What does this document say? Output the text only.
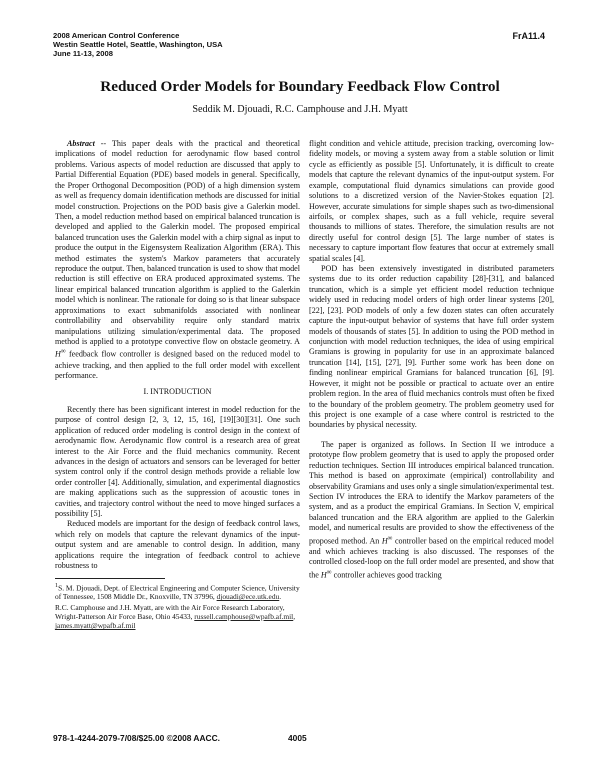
2008 American Control Conference
Westin Seattle Hotel, Seattle, Washington, USA
June 11-13, 2008
FrA11.4
Reduced Order Models for Boundary Feedback Flow Control
Seddik M. Djouadi, R.C. Camphouse and J.H. Myatt

Abstract -- This paper deals with the practical and theoretical implications of model reduction for aerodynamic flow based control problems. Various aspects of model reduction are discussed that apply to Partial Differential Equation (PDE) based models in general. Specifically, the Proper Orthogonal Decomposition (POD) of a high dimension system as well as frequency domain identification methods are discussed for initial model construction. Projections on the POD basis give a Galerkin model. Then, a model reduction method based on empirical balanced truncation is developed and applied to the Galerkin model. The proposed empirical balanced truncation uses the Galerkin model with a chirp signal as input to produce the output in the Eigensystem Realization Algorithm (ERA). This method estimates the system's Markov parameters that accurately reproduce the output. Then, balanced truncation is used to show that model reduction is still effective on ERA produced approximated systems. The linear empirical balanced truncation algorithm is applied to the Galerkin model which is nonlinear. The rationale for doing so is that linear subspace approximations to exact submanifolds associated with nonlinear controllability and observability require only standard matrix manipulations utilizing simulation/experimental data. The proposed method is applied to a prototype convective flow on obstacle geometry. A H∞ feedback flow controller is designed based on the reduced model to achieve tracking, and then applied to the full order model with excellent performance.

I. INTRODUCTION

Recently there has been significant interest in model reduction for the purpose of control design [2, 3, 12, 15, 16], [19][30][31]. One such application of reduced order modeling is control design in the context of aerodynamic flow. Aerodynamic flow control is a research area of great interest to the Air Force and the fluid mechanics community. Recent advances in the design of actuators and sensors can be leveraged for better system control only if the control design methods provide a reliable low order controller [4]. Additionally, simulation, and experimental diagnostics are making applications such as the suppression of acoustic tones in cavities, and trajectory control without the need to move hinged surfaces a possibility [5].

Reduced models are important for the design of feedback control laws, which rely on models that capture the relevant dynamics of the input-output system and are amenable to control design. In addition, many applications require the integration of feedback control to achieve robustness to

$^1$S. M. Djouadi, Dept. of Electrical Engineering and Computer Science, University of Tennessee, 1508 Middle Dr., Knoxville, TN 37996, djouadi@ece.utk.edu.

R.C. Camphouse and J.H. Myatt, are with the Air Force Research Laboratory, Wright-Patterson Air Force Base, Ohio 45433, russell.camphouse@wpafb.af.mil, james.myatt@wpafb.af.mil

flight condition and vehicle attitude, precision tracking, overcoming low-fidelity models, or moving a system away from a stable solution or limit cycle as efficiently as possible [5]. Unfortunately, it is difficult to create models that capture the relevant dynamics of the input-output system. For example, computational fluid dynamics simulations can provide good solutions to a discretized version of the Navier-Stokes equation [2]. However, accurate simulations for simple shapes such as two-dimensional airfoils, or complex shapes, such as a full vehicle, require several thousands to millions of states. Therefore, the simulation results are not directly useful for control design [5]. The large number of states is necessary to capture important flow features that occur at extremely small spatial scales [4].

POD has been extensively investigated in distributed parameters systems due to its order reduction capability [28]-[31], and balanced truncation, which is a simple yet efficient model reduction technique widely used in reducing model orders of high order linear systems [20], [22], [23]. POD models of only a few dozen states can often accurately capture the input-output behavior of systems that have full order system models of thousands of states [5]. In addition to using the POD method in conjunction with model reduction techniques, the idea of using empirical Gramians is growing in popularity for use in an approximate balanced truncation [14], [15], [27], [9]. Further some work has been done on finding nonlinear empirical Gramians for balanced truncation [6], [9]. However, it might not be possible or practical to actuate over an entire problem region. In the area of fluid mechanics controls must often be fixed to the boundary of the problem geometry. The problem geometry used for this project is one example of a case where control is restricted to the boundaries by physical necessity.

The paper is organized as follows. In Section II we introduce a prototype flow problem geometry that is used to apply the proposed order reduction techniques. Section III introduces empirical balanced truncation. This method is based on approximate (empirical) controllability and observability Gramians and uses only a single simulation/experimental test. Section IV introduces the ERA to identify the Markov parameters of the system, and as a product the empirical Gramians. In Section V, empirical balanced truncation and the ERA algorithm are applied to the Galerkin model, and numerical results are provided to show the effectiveness of the proposed method. An H∞ controller based on the empirical reduced model and which achieves tracking is also discussed. The responses of the controlled closed-loop on the full order model are presented, and show that the H∞ controller achieves good tracking

978-1-4244-2079-7/08/$25.00 ©2008 AACC.	4005
